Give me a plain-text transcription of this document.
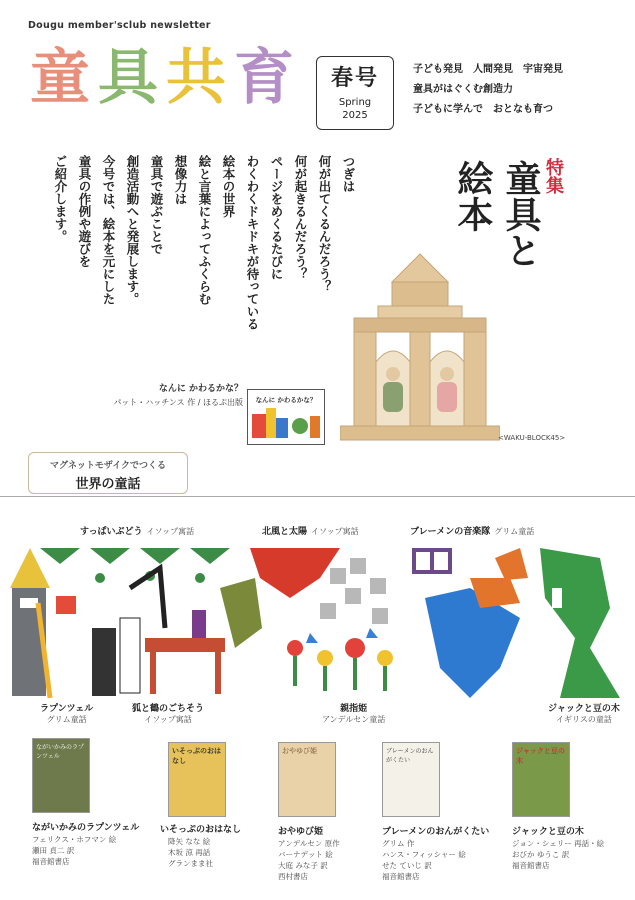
Dougu member'sclub newsletter
童 具 共 育	春号
Spring
2025
子ども発見　人間発見　宇宙発見
童具がはぐくむ創造力
子どもに学んで　おとなも育つ
特集
童具と絵本
つぎは
何が出てくるんだろう？
何が起きるんだろう？
ページをめくるたびに
わくわくドキドキが待っている
絵本の世界
絵と言葉によってふくらむ
想像力は
童具で遊ぶことで
創造活動へと発展します。
今号では、絵本を元にした
童具の作例や遊びを
ご紹介します。
<WAKU-BLOCK45>
なんに かわるかな？
パット・ハッチンス 作 / ほるぷ出版	なんに かわるかな？
マグネットモザイクでつくる
世界の童話
すっぱいぶどう イソップ寓話	北風と太陽 イソップ寓話	ブレーメンの音楽隊 グリム童話
ラプンツェル
グリム童話
狐と鶴のごちそう
イソップ寓話
親指姫
アンデルセン童話
ジャックと豆の木
イギリスの童話
ながいかみのラプンツェル
ながいかみのラプンツェル
フェリクス・ホフマン 絵
瀬田 貞二 訳
福音館書店
いそっぷのおはなし
いそっぷのおはなし
降矢 なな 絵
木坂 涼 再話
グランまま社
おやゆび姫
おやゆび姫
アンデルセン 原作
バーナデット 絵
大庭 みな子 訳
西村書店
ブレーメンのおんがくたい
ブレーメンのおんがくたい
グリム 作
ハンス・フィッシャー 絵
せた ていじ 訳
福音館書店
ジャックと豆の木
ジャックと豆の木
ジョン・シェリー 再話・絵
おびか ゆうこ 訳
福音館書店
